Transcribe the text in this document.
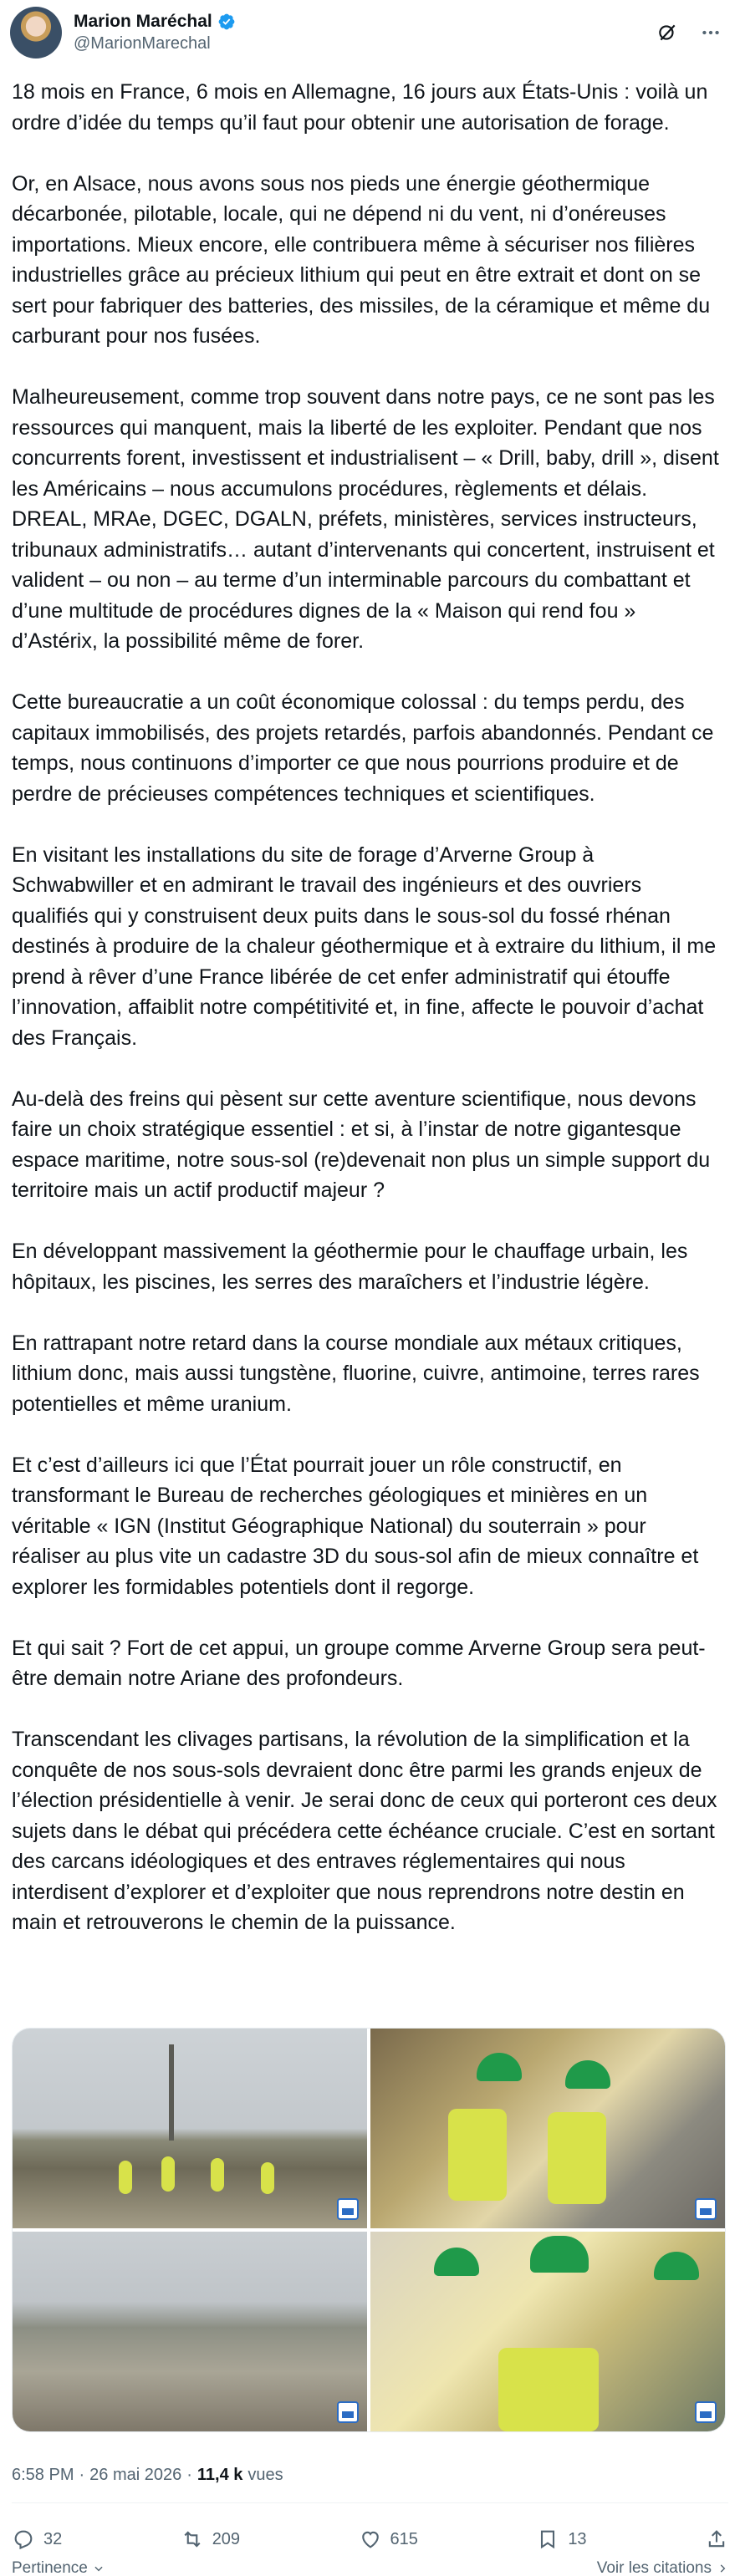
Marion Maréchal
@MarionMarechal

18 mois en France, 6 mois en Allemagne, 16 jours aux États-Unis : voilà un ordre d’idée du temps qu’il faut pour obtenir une autorisation de forage.

Or, en Alsace, nous avons sous nos pieds une énergie géothermique décarbonée, pilotable, locale, qui ne dépend ni du vent, ni d’onéreuses importations. Mieux encore, elle contribuera même à sécuriser nos filières industrielles grâce au précieux lithium qui peut en être extrait et dont on se sert pour fabriquer des batteries, des missiles, de la céramique et même du carburant pour nos fusées.

Malheureusement, comme trop souvent dans notre pays, ce ne sont pas les ressources qui manquent, mais la liberté de les exploiter. Pendant que nos concurrents forent, investissent et industrialisent – « Drill, baby, drill », disent les Américains – nous accumulons procédures, règlements et délais. DREAL, MRAe, DGEC, DGALN, préfets, ministères, services instructeurs, tribunaux administratifs… autant d’intervenants qui concertent, instruisent et valident – ou non – au terme d’un interminable parcours du combattant et d’une multitude de procédures dignes de la « Maison qui rend fou » d’Astérix, la possibilité même de forer.

Cette bureaucratie a un coût économique colossal : du temps perdu, des capitaux immobilisés, des projets retardés, parfois abandonnés. Pendant ce temps, nous continuons d’importer ce que nous pourrions produire et de perdre de précieuses compétences techniques et scientifiques.

En visitant les installations du site de forage d’Arverne Group à Schwabwiller et en admirant le travail des ingénieurs et des ouvriers qualifiés qui y construisent deux puits dans le sous-sol du fossé rhénan destinés à produire de la chaleur géothermique et à extraire du lithium, il me prend à rêver d’une France libérée de cet enfer administratif qui étouffe l’innovation, affaiblit notre compétitivité et, in fine, affecte le pouvoir d’achat des Français.

Au-delà des freins qui pèsent sur cette aventure scientifique, nous devons faire un choix stratégique essentiel : et si, à l’instar de notre gigantesque espace maritime, notre sous-sol (re)devenait non plus un simple support du territoire mais un actif productif majeur ?

En développant massivement la géothermie pour le chauffage urbain, les hôpitaux, les piscines, les serres des maraîchers et l’industrie légère.

En rattrapant notre retard dans la course mondiale aux métaux critiques, lithium donc, mais aussi tungstène, fluorine, cuivre, antimoine, terres rares potentielles et même uranium.

Et c’est d’ailleurs ici que l’État pourrait jouer un rôle constructif, en transformant le Bureau de recherches géologiques et minières en un véritable « IGN (Institut Géographique National) du souterrain » pour réaliser au plus vite un cadastre 3D du sous-sol afin de mieux connaître et explorer les formidables potentiels dont il regorge.

Et qui sait ? Fort de cet appui, un groupe comme Arverne Group sera peut-être demain notre Ariane des profondeurs.

Transcendant les clivages partisans, la révolution de la simplification et la conquête de nos sous-sols devraient donc être parmi les grands enjeux de l’élection présidentielle à venir. Je serai donc de ceux qui porteront ces deux sujets dans le débat qui précédera cette échéance cruciale. C’est en sortant des carcans idéologiques et des entraves réglementaires qui nous interdisent d’explorer et d’exploiter que nous reprendrons notre destin en main et retrouverons le chemin de la puissance.

6:58 PM · 26 mai 2026 · 11,4 k vues
32	209	615	13
Pertinence	Voir les citations
